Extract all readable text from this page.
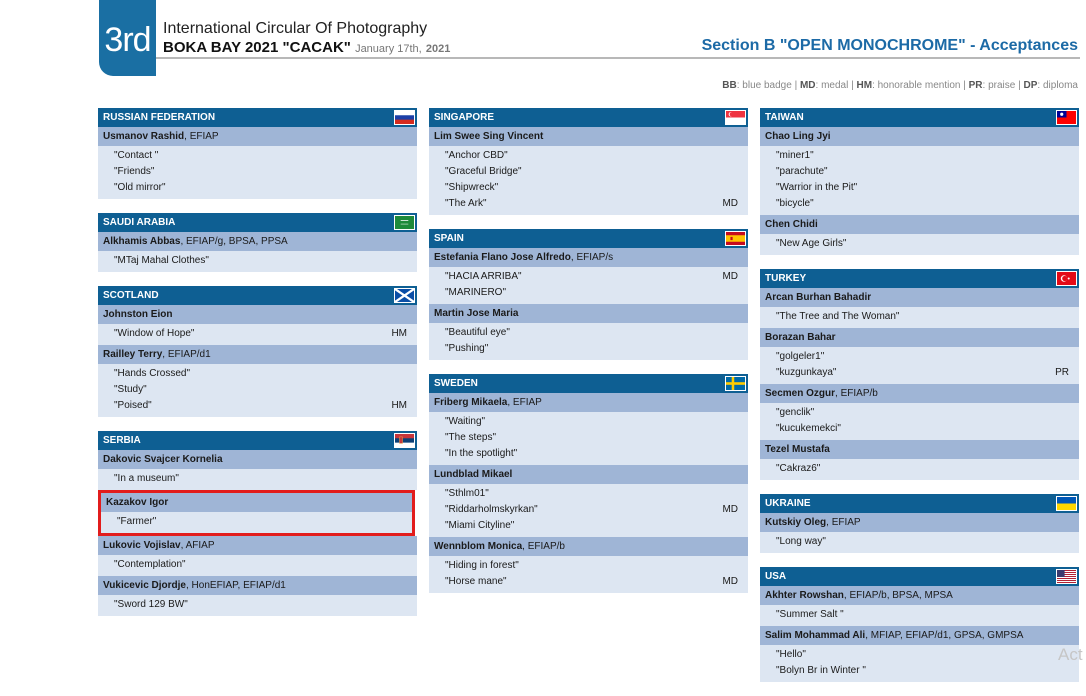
3rd International Circular Of Photography
BOKA BAY 2021 "CACAK" January 17th, 2021	Section B "OPEN MONOCHROME" - Acceptances
BB: blue badge | MD: medal | HM: honorable mention | PR: praise | DP: diploma
RUSSIAN FEDERATION
Usmanov Rashid, EFIAP
"Contact "
"Friends"
"Old mirror"
SAUDI ARABIA
Alkhamis Abbas, EFIAP/g, BPSA, PPSA
"MTaj Mahal Clothes"
SCOTLAND
Johnston Eion
"Window of Hope"	HM
Railley Terry, EFIAP/d1
"Hands Crossed"
"Study"
"Poised"	HM
SERBIA
Dakovic Svajcer Kornelia
"In a museum"
Kazakov Igor
"Farmer"
Lukovic Vojislav, AFIAP
"Contemplation"
Vukicevic Djordje, HonEFIAP, EFIAP/d1
"Sword 129 BW"
SINGAPORE
Lim Swee Sing Vincent
"Anchor CBD"
"Graceful Bridge"
"Shipwreck"
"The Ark"	MD
SPAIN
Estefania Flano Jose Alfredo, EFIAP/s
"HACIA ARRIBA"	MD
"MARINERO"
Martin Jose Maria
"Beautiful eye"
"Pushing"
SWEDEN
Friberg Mikaela, EFIAP
"Waiting"
"The steps"
"In the spotlight"
Lundblad Mikael
"Sthlm01"
"Riddarholmskyrkan"	MD
"Miami Cityline"
Wennblom Monica, EFIAP/b
"Hiding in forest"
"Horse mane"	MD
TAIWAN
Chao Ling Jyi
"miner1"
"parachute"
"Warrior in the Pit"
"bicycle"
Chen Chidi
"New Age Girls"
TURKEY
Arcan Burhan Bahadir
"The Tree and The Woman"
Borazan Bahar
"golgeler1"
"kuzgunkaya"	PR
Secmen Ozgur, EFIAP/b
"genclik"
"kucukemekci"
Tezel Mustafa
"Cakraz6"
UKRAINE
Kutskiy Oleg, EFIAP
"Long way"
USA
Akhter Rowshan, EFIAP/b, BPSA, MPSA
"Summer Salt "
Salim Mohammad Ali, MFIAP, EFIAP/d1, GPSA, GMPSA
"Hello"
"Bolyn Br in Winter "
Act
